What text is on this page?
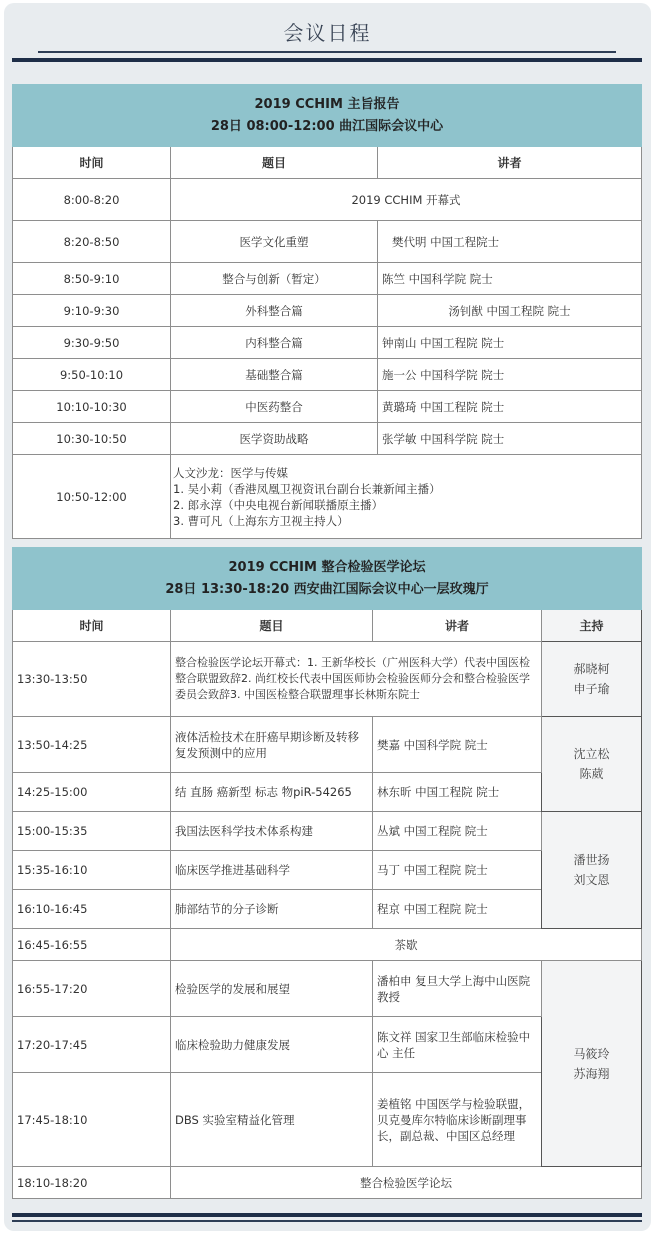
会议日程
2019 CCHIM 主旨报告
28日 08:00-12:00 曲江国际会议中心		

时间	题目	讲者
8:00-8:20	2019 CCHIM 开幕式	
8:20-8:50	医学文化重塑	樊代明 中国工程院士
8:50-9:10	整合与创新（暂定）	陈竺 中国科学院 院士
9:10-9:30	外科整合篇	汤钊猷 中国工程院 院士
9:30-9:50	内科整合篇	钟南山 中国工程院 院士
9:50-10:10	基础整合篇	施一公 中国科学院 院士
10:10-10:30	中医药整合	黄璐琦 中国工程院 院士
10:30-10:50	医学资助战略	张学敏 中国科学院 院士
10:50-12:00	人文沙龙：医学与传媒
1. 吴小莉（香港凤凰卫视资讯台副台长兼新闻主播）
2. 郎永淳（中央电视台新闻联播原主播）
3. 曹可凡（上海东方卫视主持人）	
2019 CCHIM 整合检验医学论坛
28日 13:30-18:20 西安曲江国际会议中心一层玫瑰厅			

时间	题目	讲者	主持
13:30-13:50	整合检验医学论坛开幕式：1. 王新华校长（广州医科大学）代表中国医检整合联盟致辞2. 尚红校长代表中国医师协会检验医师分会和整合检验医学委员会致辞3. 中国医检整合联盟理事长林斯东院士		郝晓柯
申子瑜

13:50-14:25	液体活检技术在肝癌早期诊断及转移复发预测中的应用	樊嘉 中国科学院 院士	沈立松
陈葳

14:25-15:00	结 直肠 癌新型 标志 物piR-54265	林东昕 中国工程院 院士	
15:00-15:35	我国法医科学技术体系构建	丛斌 中国工程院 院士	潘世扬
刘文恩

15:35-16:10	临床医学推进基础科学	马丁 中国工程院 院士	
16:10-16:45	肺部结节的分子诊断	程京 中国工程院 院士	
16:45-16:55	茶歇		
16:55-17:20	检验医学的发展和展望	潘柏申 复旦大学上海中山医院 教授	马筱玲
苏海翔

17:20-17:45	临床检验助力健康发展	陈文祥 国家卫生部临床检验中心 主任	
17:45-18:10	DBS 实验室精益化管理	姜植铭 中国医学与检验联盟，贝克曼库尔特临床诊断副理事长，副总裁、中国区总经理	
18:10-18:20	整合检验医学论坛		
